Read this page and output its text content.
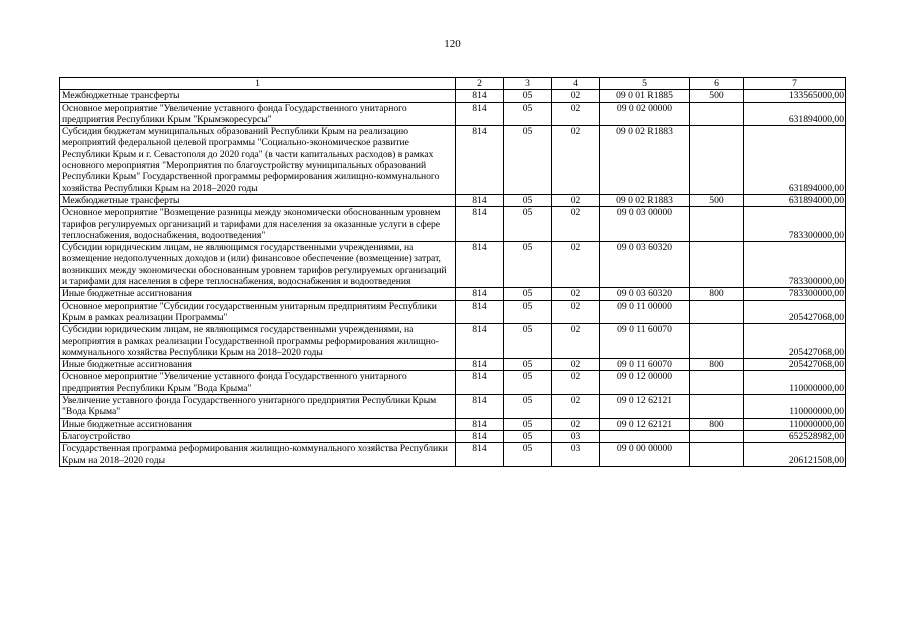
120
1	2	3	4	5	6	7
Межбюджетные трансферты	814	05	02	09 0 01 R1885	500	133565000,00
Основное мероприятие "Увеличение уставного фонда Государственного унитарного предприятия Республики Крым "Крымэкоресурсы"	814	05	02	09 0 02 00000		631894000,00
Субсидия бюджетам муниципальных образований Республики Крым на реализацию мероприятий федеральной целевой программы "Социально-экономическое развитие Республики Крым и г. Севастополя до 2020 года" (в части капитальных расходов) в рамках основного мероприятия "Мероприятия по благоустройству муниципальных образований Республики Крым" Государственной программы реформирования жилищно-коммунального хозяйства Республики Крым на 2018–2020 годы	814	05	02	09 0 02 R1883		631894000,00
Межбюджетные трансферты	814	05	02	09 0 02 R1883	500	631894000,00
Основное мероприятие "Возмещение разницы между экономически обоснованным уровнем тарифов регулируемых организаций и тарифами для населения за оказанные услуги в сфере теплоснабжения, водоснабжения, водоотведения"	814	05	02	09 0 03 00000		783300000,00
Субсидии юридическим лицам, не являющимся государственными учреждениями, на возмещение недополученных доходов и (или) финансовое обеспечение (возмещение) затрат, возникших между экономически обоснованным уровнем тарифов регулируемых организаций и тарифами для населения в сфере теплоснабжения, водоснабжения и водоотведения	814	05	02	09 0 03 60320		783300000,00
Иные бюджетные ассигнования	814	05	02	09 0 03 60320	800	783300000,00
Основное мероприятие "Субсидии государственным унитарным предприятиям Республики Крым в рамках реализации Программы"	814	05	02	09 0 11 00000		205427068,00
Субсидии юридическим лицам, не являющимся государственными учреждениями, на мероприятия в рамках реализации Государственной программы реформирования жилищно-коммунального хозяйства Республики Крым на 2018–2020 годы	814	05	02	09 0 11 60070		205427068,00
Иные бюджетные ассигнования	814	05	02	09 0 11 60070	800	205427068,00
Основное мероприятие "Увеличение уставного фонда Государственного унитарного предприятия Республики Крым "Вода Крыма"	814	05	02	09 0 12 00000		110000000,00
Увеличение уставного фонда Государственного унитарного предприятия Республики Крым "Вода Крыма"	814	05	02	09 0 12 62121		110000000,00
Иные бюджетные ассигнования	814	05	02	09 0 12 62121	800	110000000,00
Благоустройство	814	05	03			652528982,00
Государственная программа реформирования жилищно-коммунального хозяйства Республики Крым на 2018–2020 годы	814	05	03	09 0 00 00000		206121508,00
